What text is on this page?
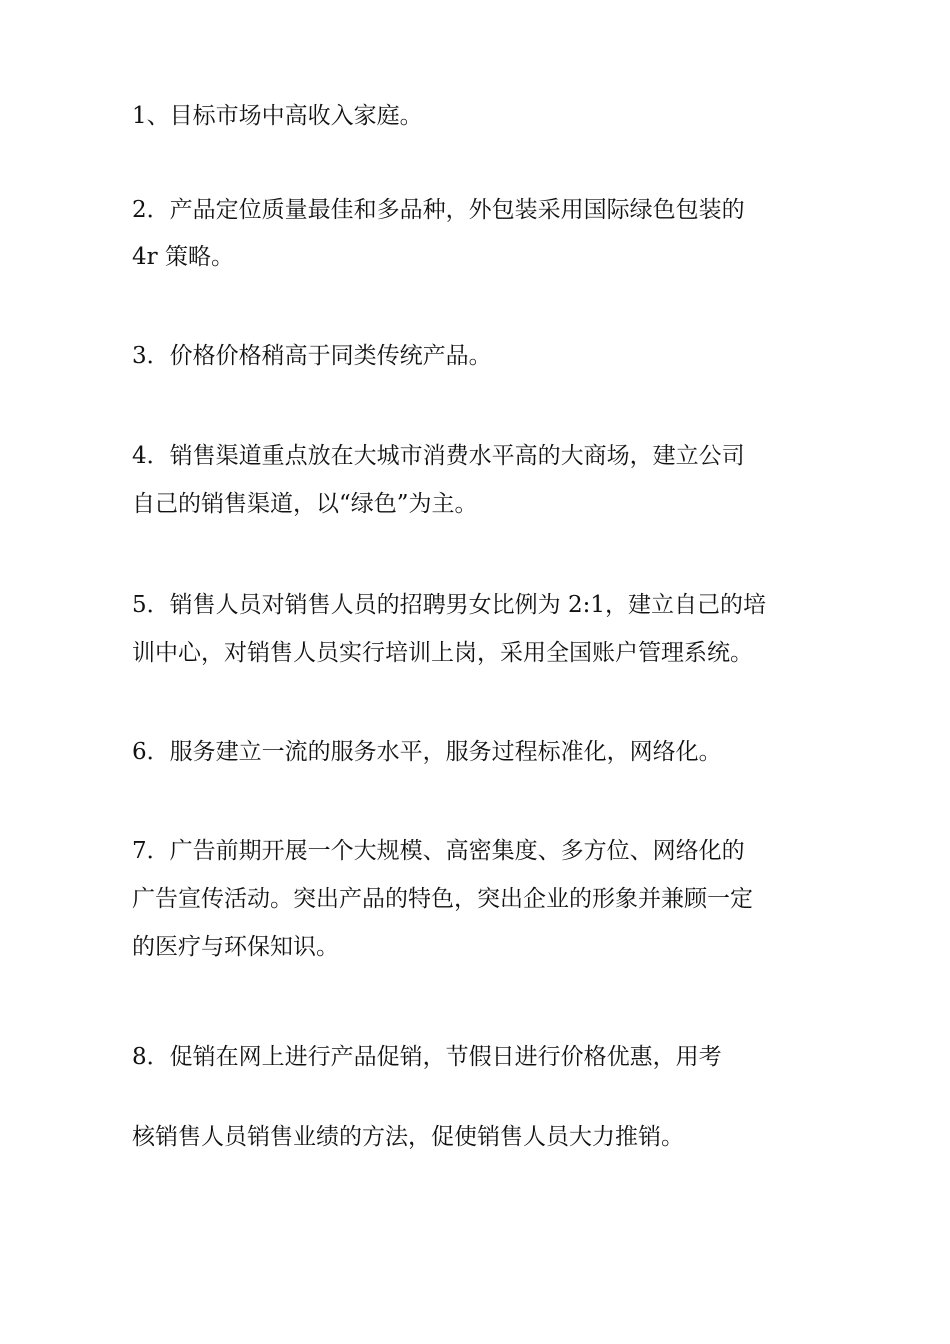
1、目标市场中高收入家庭。

2．产品定位质量最佳和多品种，外包装采用国际绿色包装的

4r 策略。

3．价格价格稍高于同类传统产品。

4．销售渠道重点放在大城市消费水平高的大商场，建立公司

自己的销售渠道，以“绿色”为主。

5．销售人员对销售人员的招聘男女比例为 2:1，建立自己的培

训中心，对销售人员实行培训上岗，采用全国账户管理系统。

6．服务建立一流的服务水平，服务过程标准化，网络化。

7．广告前期开展一个大规模、高密集度、多方位、网络化的

广告宣传活动。突出产品的特色，突出企业的形象并兼顾一定

的医疗与环保知识。

8．促销在网上进行产品促销，节假日进行价格优惠，用考

核销售人员销售业绩的方法，促使销售人员大力推销。
